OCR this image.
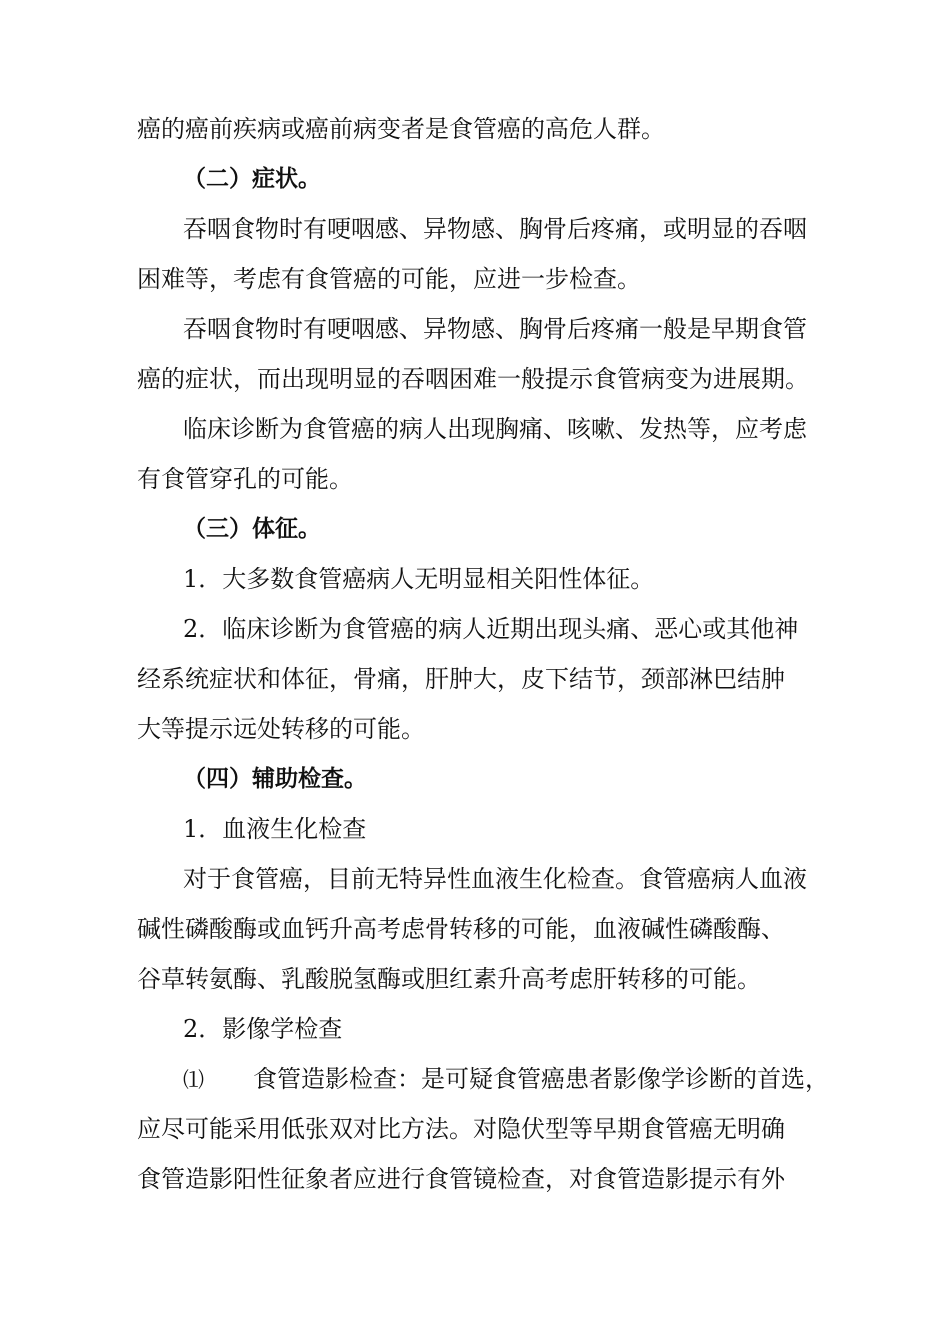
癌的癌前疾病或癌前病变者是食管癌的高危人群。

（二）症状。

吞咽食物时有哽咽感、异物感、胸骨后疼痛，或明显的吞咽

困难等，考虑有食管癌的可能，应进一步检查。

吞咽食物时有哽咽感、异物感、胸骨后疼痛一般是早期食管

癌的症状，而出现明显的吞咽困难一般提示食管病变为进展期。

临床诊断为食管癌的病人出现胸痛、咳嗽、发热等，应考虑

有食管穿孔的可能。

（三）体征。

1．大多数食管癌病人无明显相关阳性体征。

2．临床诊断为食管癌的病人近期出现头痛、恶心或其他神

经系统症状和体征，骨痛，肝肿大，皮下结节，颈部淋巴结肿

大等提示远处转移的可能。

（四）辅助检查。

1．血液生化检查

对于食管癌，目前无特异性血液生化检查。食管癌病人血液

碱性磷酸酶或血钙升高考虑骨转移的可能，血液碱性磷酸酶、

谷草转氨酶、乳酸脱氢酶或胆红素升高考虑肝转移的可能。

2．影像学检查

⑴ 食管造影检查：是可疑食管癌患者影像学诊断的首选，

应尽可能采用低张双对比方法。对隐伏型等早期食管癌无明确

食管造影阳性征象者应进行食管镜检查，对食管造影提示有外
